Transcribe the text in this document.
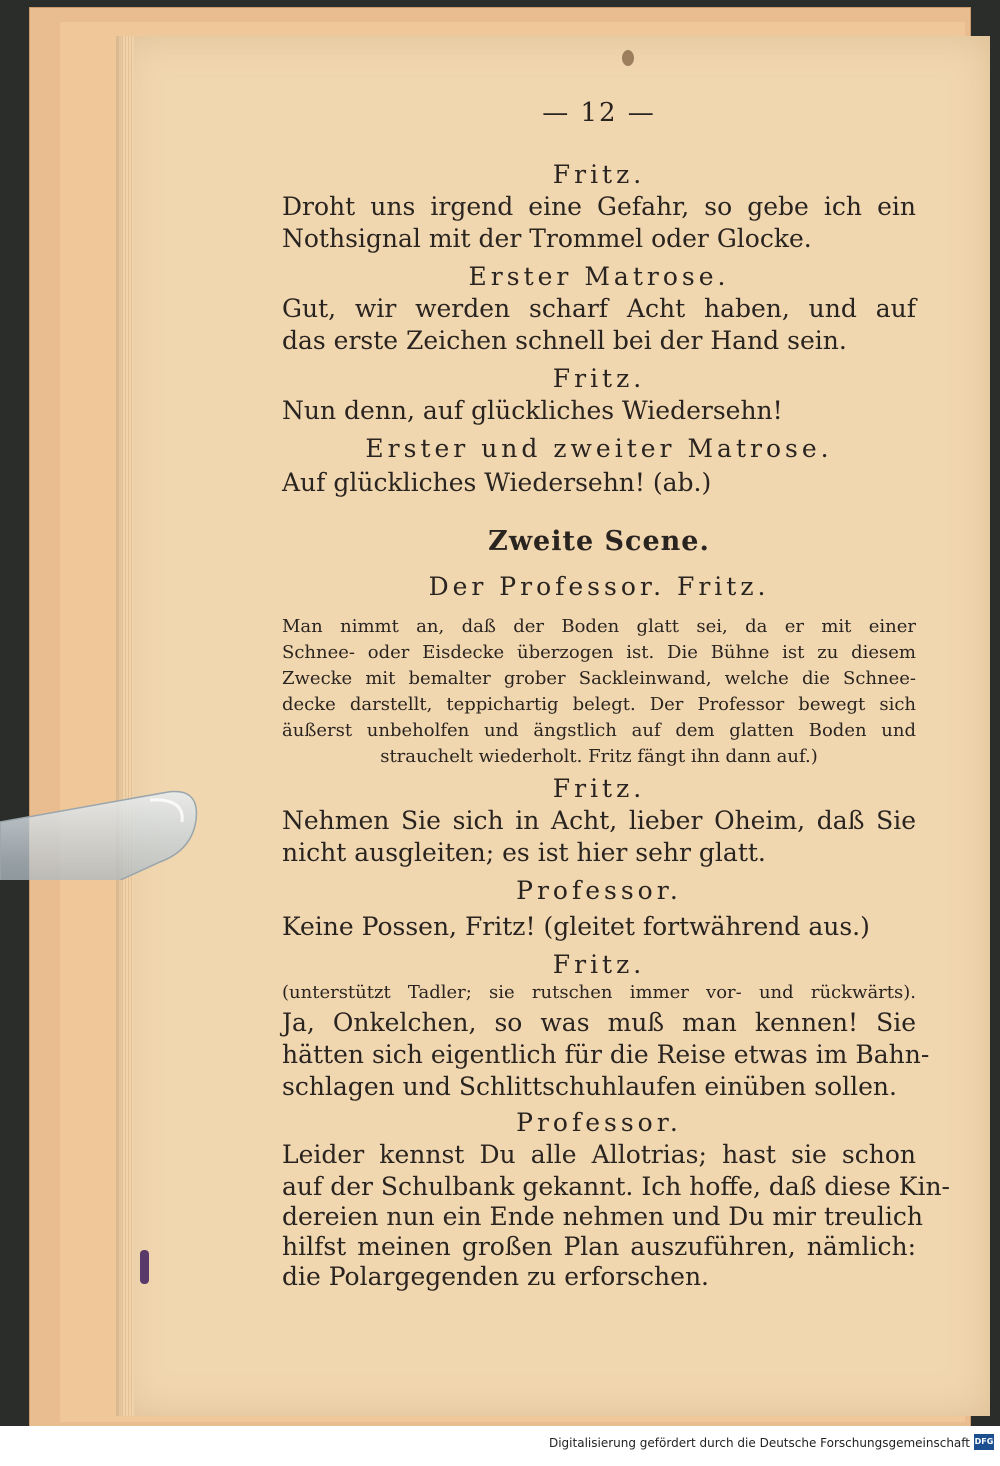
— 12 —
Fritz.
Droht uns irgend eine Gefahr, so gebe ich ein
Nothsignal mit der Trommel oder Glocke.
Erster Matrose.
Gut, wir werden scharf Acht haben, und auf
das erste Zeichen schnell bei der Hand sein.
Fritz.
Nun denn, auf glückliches Wiedersehn!
Erster und zweiter Matrose.
Auf glückliches Wiedersehn! (ab.)
Zweite Scene.
Der Professor. Fritz.
Man nimmt an, daß der Boden glatt sei, da er mit einer
Schnee- oder Eisdecke überzogen ist. Die Bühne ist zu diesem
Zwecke mit bemalter grober Sackleinwand, welche die Schnee-
decke darstellt, teppichartig belegt. Der Professor bewegt sich
äußerst unbeholfen und ängstlich auf dem glatten Boden und
strauchelt wiederholt. Fritz fängt ihn dann auf.)
Fritz.
Nehmen Sie sich in Acht, lieber Oheim, daß Sie
nicht ausgleiten; es ist hier sehr glatt.
Professor.
Keine Possen, Fritz! (gleitet fortwährend aus.)
Fritz.
(unterstützt Tadler; sie rutschen immer vor- und rückwärts).
Ja, Onkelchen, so was muß man kennen! Sie
hätten sich eigentlich für die Reise etwas im Bahn-
schlagen und Schlittschuhlaufen einüben sollen.
Professor.
Leider kennst Du alle Allotrias; hast sie schon
auf der Schulbank gekannt. Ich hoffe, daß diese Kin-
dereien nun ein Ende nehmen und Du mir treulich
hilfst meinen großen Plan auszuführen, nämlich:
die Polargegenden zu erforschen.
Digitalisierung gefördert durch die Deutsche Forschungsgemeinschaft DFG
